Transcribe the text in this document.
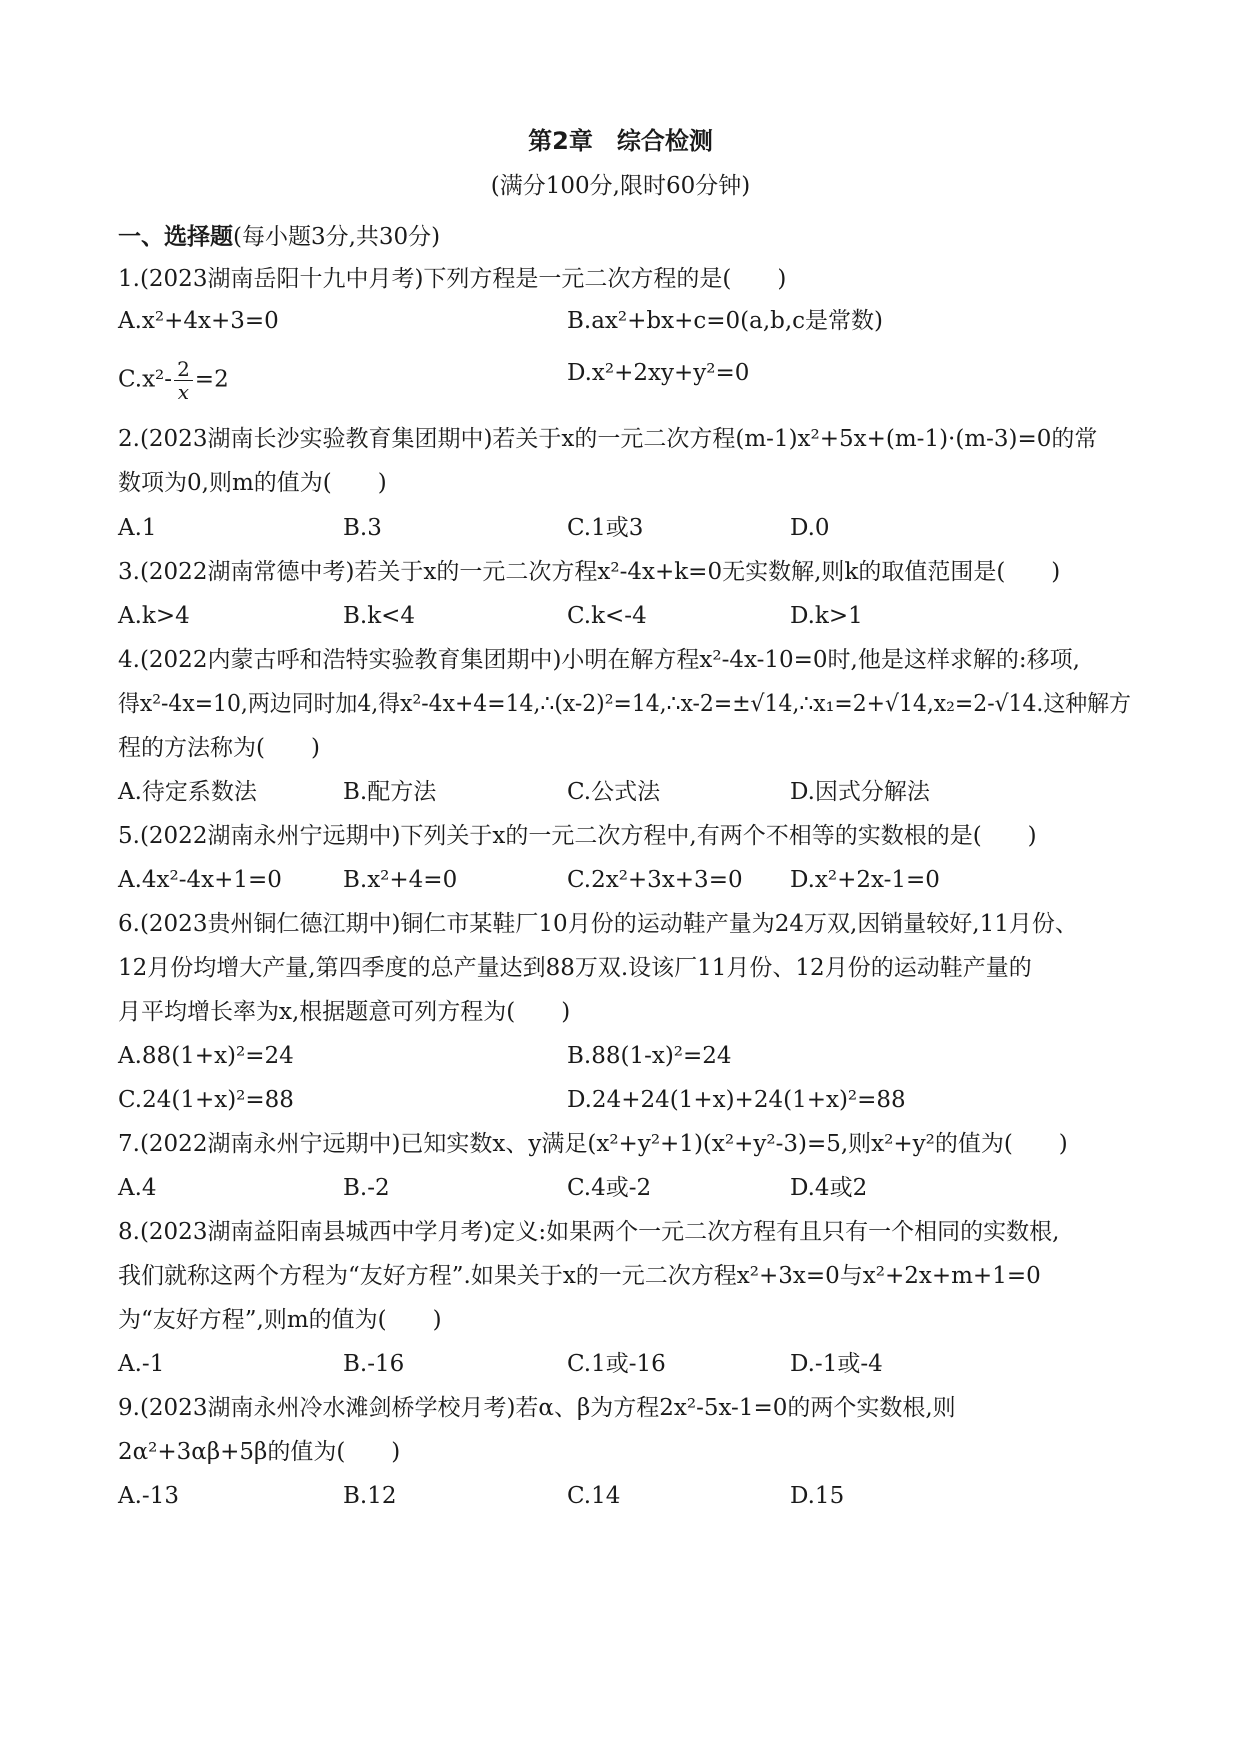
第2章　综合检测
(满分100分,限时60分钟)
一、选择题(每小题3分,共30分)
1.(2023湖南岳阳十九中月考)下列方程是一元二次方程的是(　　)
A.x²+4x+3=0	B.ax²+bx+c=0(a,b,c是常数)
$C.x^2- \frac{2}{x} =2$	D.x²+2xy+y²=0
2.(2023湖南长沙实验教育集团期中)若关于x的一元二次方程(m-1)x²+5x+(m-1)·(m-3)=0的常
数项为0,则m的值为(　　)
A.1	B.3	C.1或3	D.0
3.(2022湖南常德中考)若关于x的一元二次方程x²-4x+k=0无实数解,则k的取值范围是(　　)
A.k>4	B.k<4	C.k<-4	D.k>1
4.(2022内蒙古呼和浩特实验教育集团期中)小明在解方程x²-4x-10=0时,他是这样求解的:移项,
得x²-4x=10,两边同时加4,得x²-4x+4=14,∴(x-2)²=14,∴x-2=±√14,∴x₁=2+√14,x₂=2-√14.这种解方
程的方法称为(　　)
A.待定系数法	B.配方法	C.公式法	D.因式分解法
5.(2022湖南永州宁远期中)下列关于x的一元二次方程中,有两个不相等的实数根的是(　　)
A.4x²-4x+1=0	B.x²+4=0	C.2x²+3x+3=0 D.x²+2x-1=0
6.(2023贵州铜仁德江期中)铜仁市某鞋厂10月份的运动鞋产量为24万双,因销量较好,11月份、
12月份均增大产量,第四季度的总产量达到88万双.设该厂11月份、12月份的运动鞋产量的
月平均增长率为x,根据题意可列方程为(　　)
A.88(1+x)²=24	B.88(1-x)²=24
C.24(1+x)²=88	D.24+24(1+x)+24(1+x)²=88
7.(2022湖南永州宁远期中)已知实数x、y满足(x²+y²+1)(x²+y²-3)=5,则x²+y²的值为(　　)
A.4	B.-2	C.4或-2	D.4或2
8.(2023湖南益阳南县城西中学月考)定义:如果两个一元二次方程有且只有一个相同的实数根,
我们就称这两个方程为“友好方程”.如果关于x的一元二次方程x²+3x=0与x²+2x+m+1=0
为“友好方程”,则m的值为(　　)
A.-1	B.-16	C.1或-16	D.-1或-4
9.(2023湖南永州冷水滩剑桥学校月考)若α、β为方程2x²-5x-1=0的两个实数根,则
2α²+3αβ+5β的值为(　　)
A.-13	B.12	C.14	D.15
